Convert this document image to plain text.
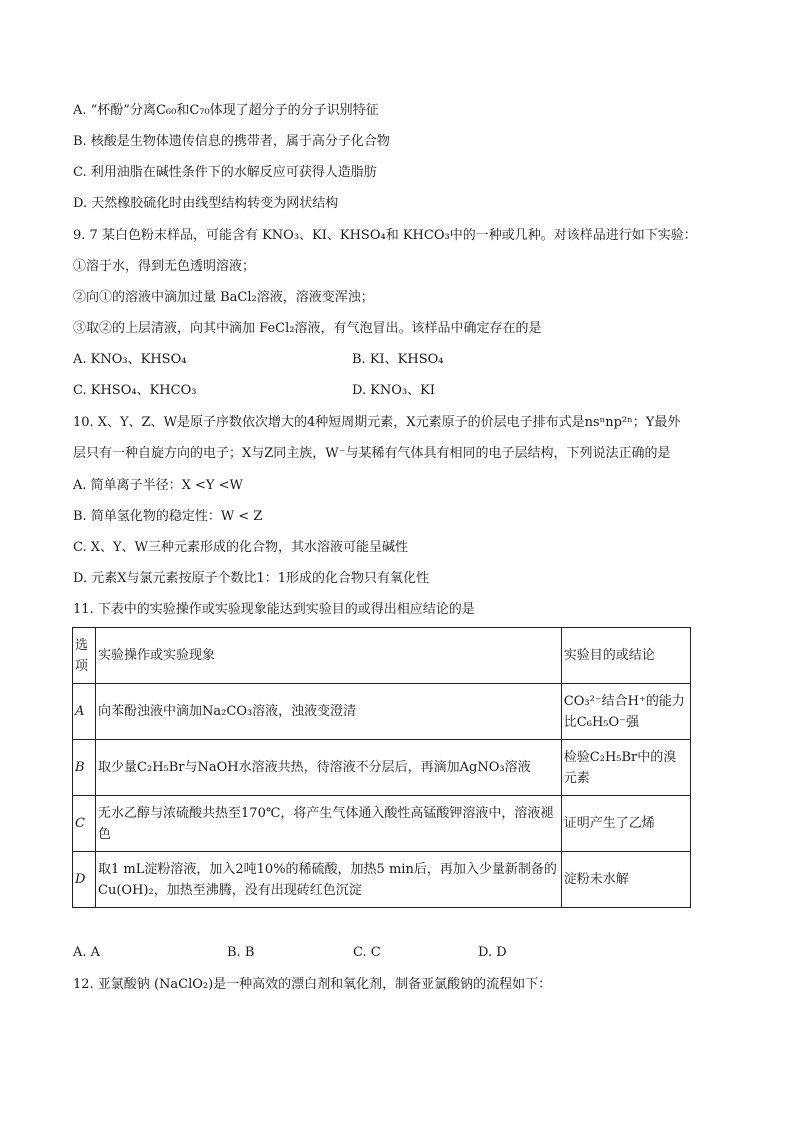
A. “杯酚”分离C₆₀和C₇₀体现了超分子的分子识别特征
B. 核酸是生物体遗传信息的携带者，属于高分子化合物
C. 利用油脂在碱性条件下的水解反应可获得人造脂肪
D. 天然橡胶硫化时由线型结构转变为网状结构
9. 7 某白色粉末样品，可能含有 KNO₃、KI、KHSO₄和 KHCO₃中的一种或几种。对该样品进行如下实验：
①溶于水，得到无色透明溶液；
②向①的溶液中滴加过量 BaCl₂溶液，溶液变浑浊；
③取②的上层清液，向其中滴加 FeCl₂溶液，有气泡冒出。该样品中确定存在的是
A. KNO₃、KHSO₄	B. KI、KHSO₄
C. KHSO₄、KHCO₃	D. KNO₃、KI
10. X、Y、Z、W是原子序数依次增大的4种短周期元素，X元素原子的价层电子排布式是nsⁿnp²ⁿ；Y最外
层只有一种自旋方向的电子；X与Z同主族，W⁻与某稀有气体具有相同的电子层结构，下列说法正确的是
A. 简单离子半径：X <Y <W
B. 简单氢化物的稳定性：W < Z
C. X、Y、W三种元素形成的化合物，其水溶液可能呈碱性
D. 元素X与氯元素按原子个数比1：1形成的化合物只有氧化性
11. 下表中的实验操作或实验现象能达到实验目的或得出相应结论的是
选项	实验操作或实验现象	实验目的或结论
A	向苯酚浊液中滴加Na₂CO₃溶液，浊液变澄清	CO₃²⁻结合H⁺的能力比C₆H₅O⁻强
B	取少量C₂H₅Br与NaOH水溶液共热，待溶液不分层后，再滴加AgNO₃溶液	检验C₂H₅Br中的溴元素
C	无水乙醇与浓硫酸共热至170℃，将产生气体通入酸性高锰酸钾溶液中，溶液褪色	证明产生了乙烯
D	取1 mL淀粉溶液，加入2吨10%的稀硫酸，加热5 min后，再加入少量新制备的Cu(OH)₂，加热至沸腾，没有出现砖红色沉淀	淀粉未水解
A. A	B. B	C. C	D. D
12. 亚氯酸钠 (NaClO₂)是一种高效的漂白剂和氧化剂，制备亚氯酸钠的流程如下：
